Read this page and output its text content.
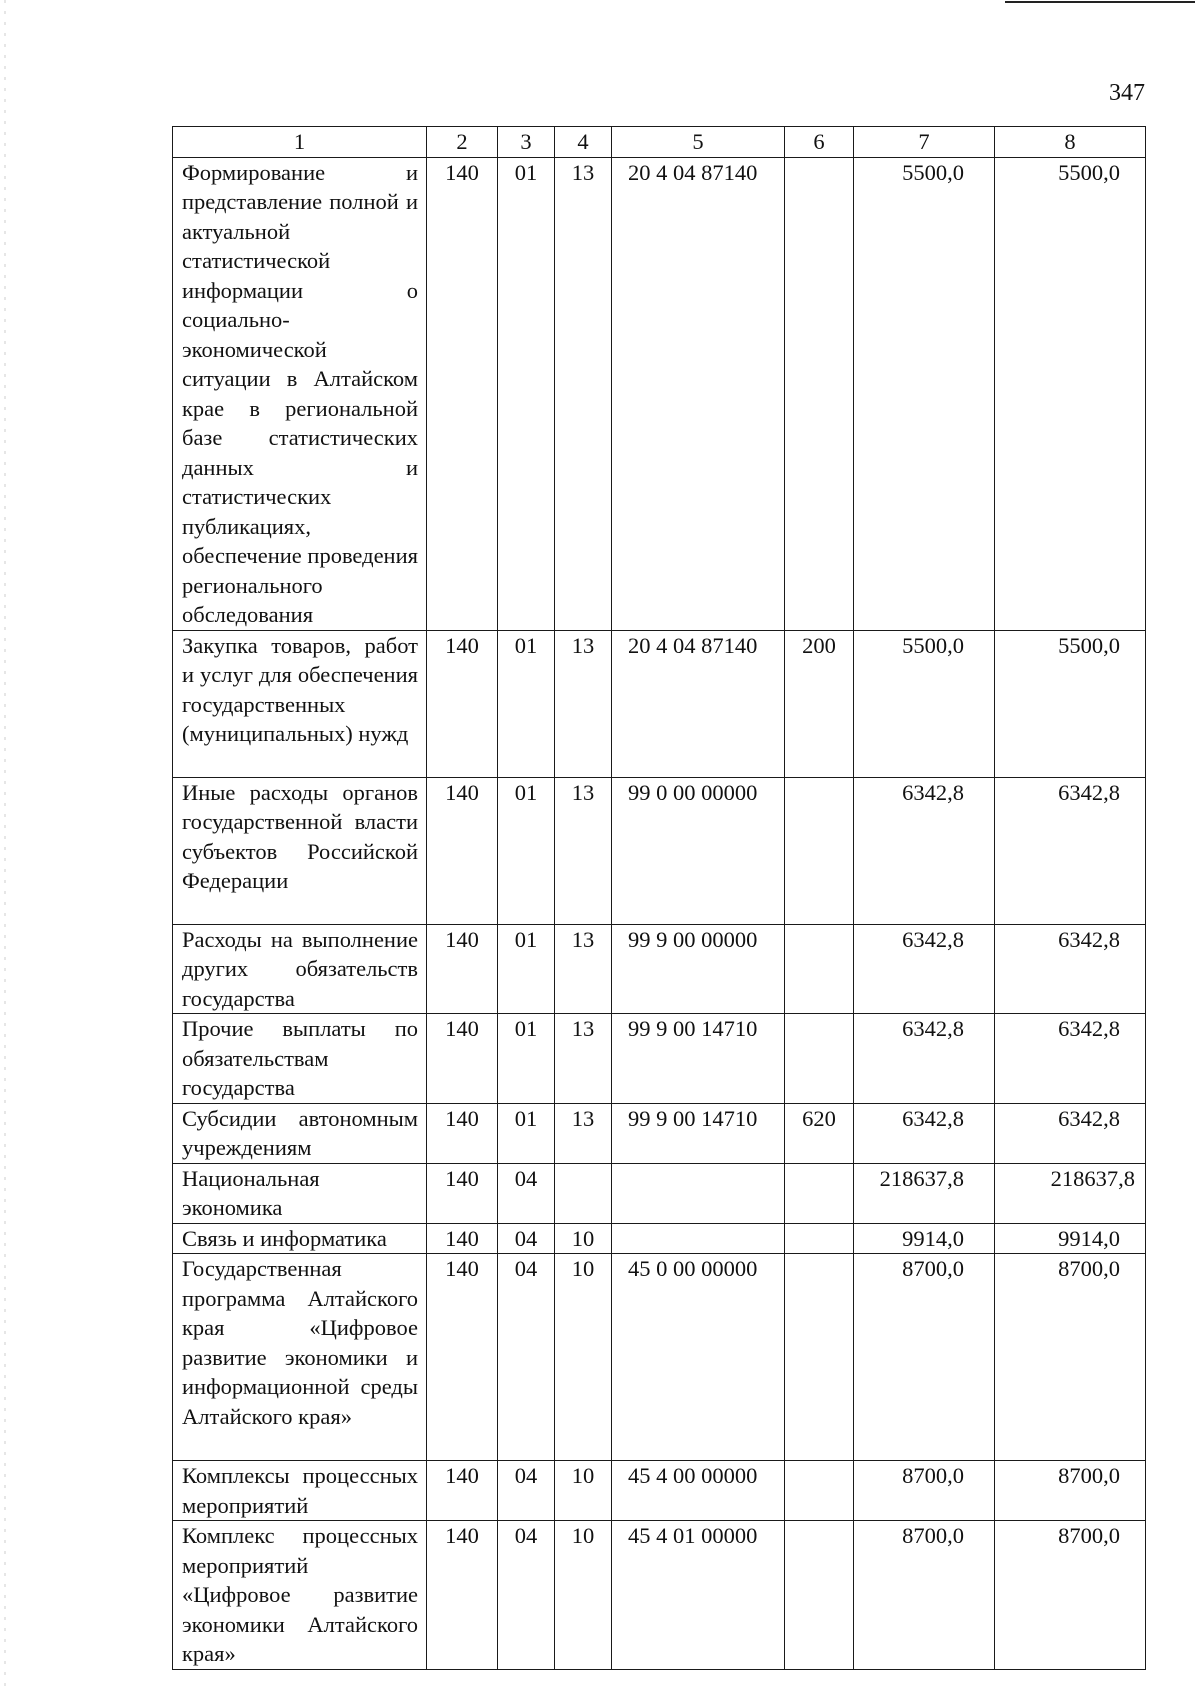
347
1	2	3	4	5	6	7	8
Формирование и представление полной и актуальной статистической информации о социально-экономической ситуации в Алтайском крае в региональной базе статистических данных и статистических публикациях, обеспечение проведения регионального обследования	140	01	13	20 4 04 87140		5500,0	5500,0
Закупка товаров, работ и услуг для обеспечения государственных (муниципальных) нужд	140	01	13	20 4 04 87140	200	5500,0	5500,0
Иные расходы органов государственной власти субъектов Российской Федерации	140	01	13	99 0 00 00000		6342,8	6342,8
Расходы на выполнение других обязательств государства	140	01	13	99 9 00 00000		6342,8	6342,8
Прочие выплаты по обязательствам государства	140	01	13	99 9 00 14710		6342,8	6342,8
Субсидии автономным учреждениям	140	01	13	99 9 00 14710	620	6342,8	6342,8
Национальная экономика	140	04				218637,8	218637,8
Связь и информатика	140	04	10			9914,0	9914,0
Государственная программа Алтайского края «Цифровое развитие экономики и информационной среды Алтайского края»	140	04	10	45 0 00 00000		8700,0	8700,0
Комплексы процессных мероприятий	140	04	10	45 4 00 00000		8700,0	8700,0
Комплекс процессных мероприятий «Цифровое развитие экономики Алтайского края»	140	04	10	45 4 01 00000		8700,0	8700,0
